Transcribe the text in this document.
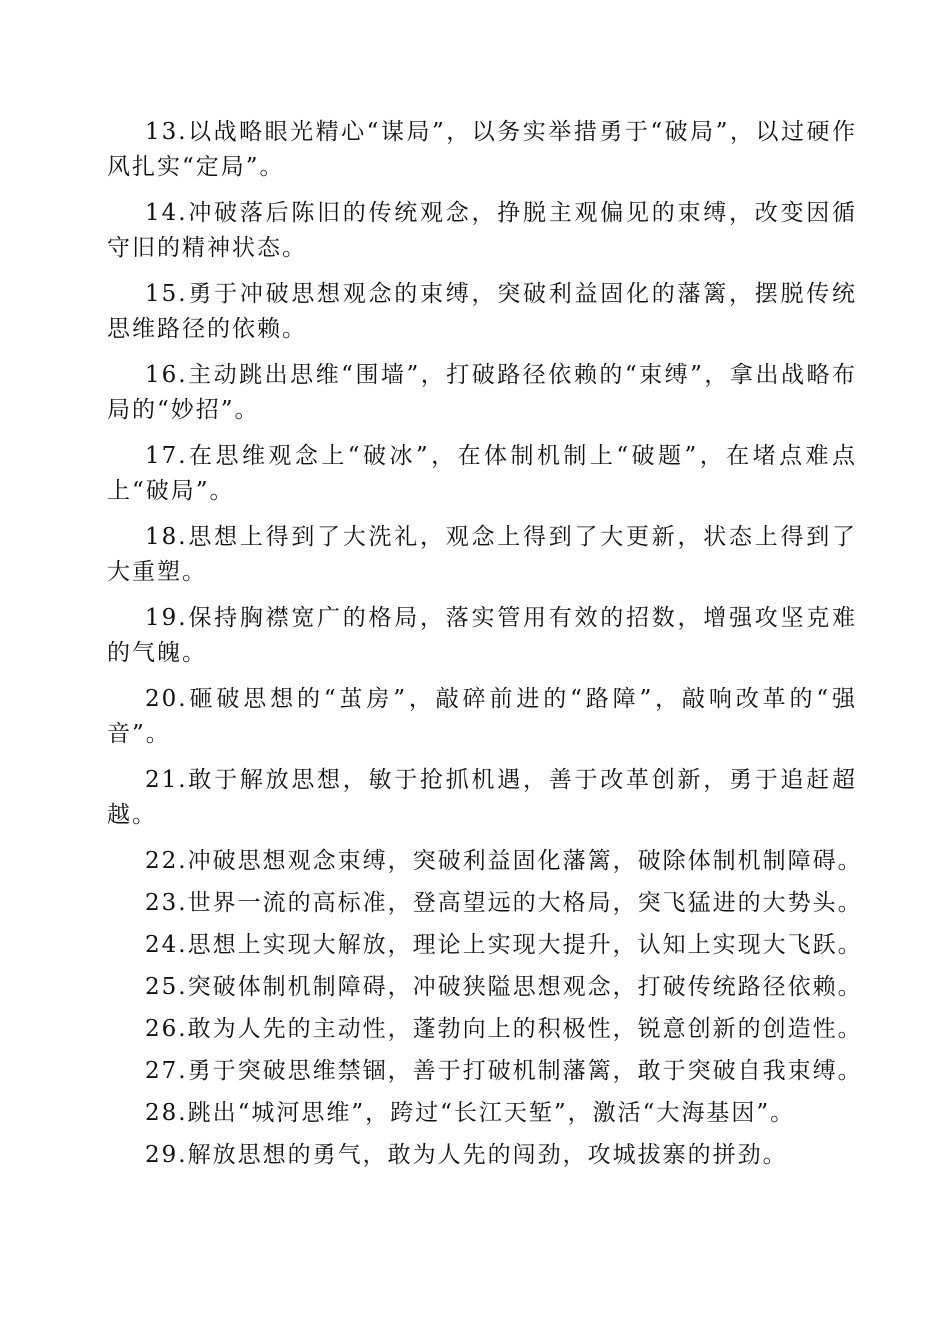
13.以战略眼光精心“谋局”，以务实举措勇于“破局”，以过硬作风扎实“定局”。

14.冲破落后陈旧的传统观念，挣脱主观偏见的束缚，改变因循守旧的精神状态。

15.勇于冲破思想观念的束缚，突破利益固化的藩篱，摆脱传统思维路径的依赖。

16.主动跳出思维“围墙”，打破路径依赖的“束缚”，拿出战略布局的“妙招”。

17.在思维观念上“破冰”，在体制机制上“破题”，在堵点难点上“破局”。

18.思想上得到了大洗礼，观念上得到了大更新，状态上得到了大重塑。

19.保持胸襟宽广的格局，落实管用有效的招数，增强攻坚克难的气魄。

20.砸破思想的“茧房”，敲碎前进的“路障”，敲响改革的“强音”。

21.敢于解放思想，敏于抢抓机遇，善于改革创新，勇于追赶超越。

22.冲破思想观念束缚，突破利益固化藩篱，破除体制机制障碍。

23.世界一流的高标准，登高望远的大格局，突飞猛进的大势头。

24.思想上实现大解放，理论上实现大提升，认知上实现大飞跃。

25.突破体制机制障碍，冲破狭隘思想观念，打破传统路径依赖。

26.敢为人先的主动性，蓬勃向上的积极性，锐意创新的创造性。

27.勇于突破思维禁锢，善于打破机制藩篱，敢于突破自我束缚。

28.跳出“城河思维”，跨过“长江天堑”，激活“大海基因”。

29.解放思想的勇气，敢为人先的闯劲，攻城拔寨的拼劲。
